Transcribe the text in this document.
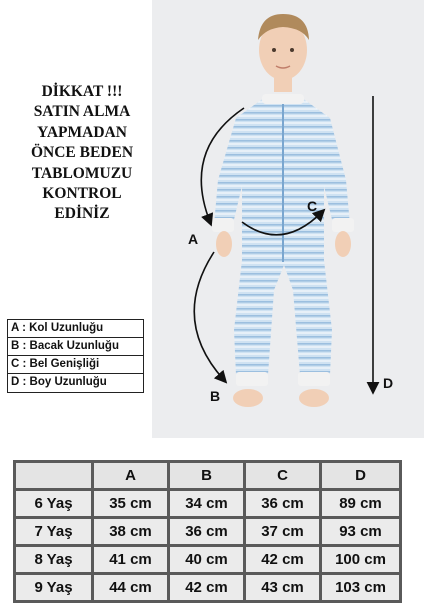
DİKKAT !!!
SATIN ALMA
YAPMADAN
ÖNCE BEDEN
TABLOMUZU
KONTROL
EDİNİZ
A : Kol Uzunluğu
B : Bacak Uzunluğu
C : Bel Genişliği
D : Boy Uzunluğu
A
B
C
D
	A	B	C	D
6 Yaş	35 cm	34 cm	36 cm	89 cm
7 Yaş	38 cm	36 cm	37 cm	93 cm
8 Yaş	41 cm	40 cm	42 cm	100 cm
9 Yaş	44 cm	42 cm	43 cm	103 cm
